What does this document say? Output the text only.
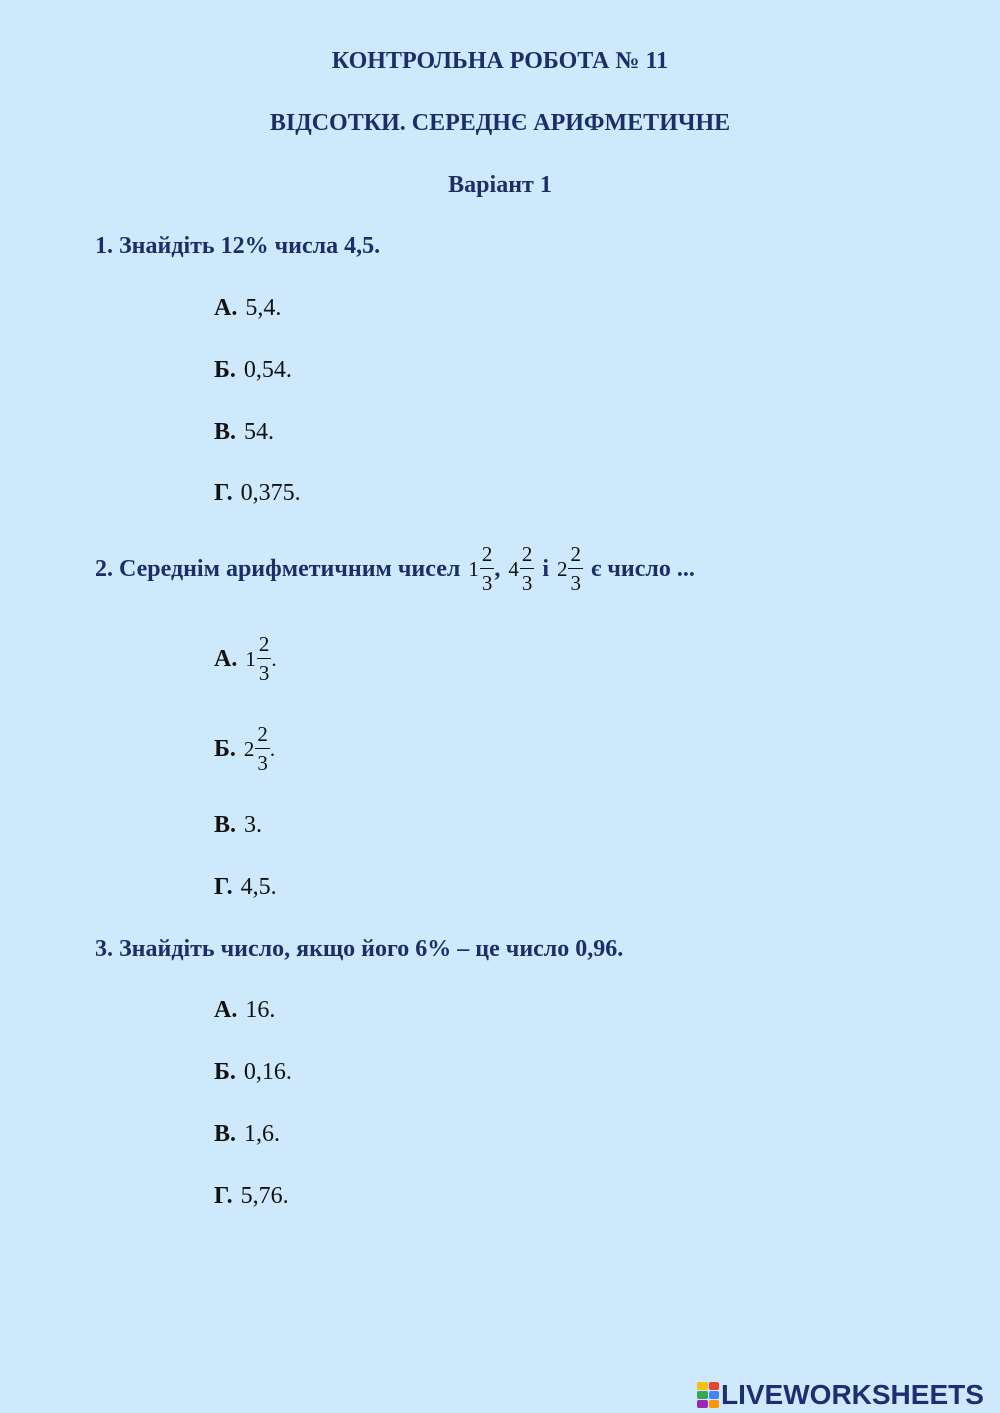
КОНТРОЛЬНА РОБОТА № 11
ВІДСОТКИ. СЕРЕДНЄ АРИФМЕТИЧНЕ
Варіант 1
1. Знайдіть 12% числа 4,5.
А. 5,4.
Б. 0,54.
В. 54.
Г. 0,375.
2. Середнім арифметичним чисел $1 \frac{2}{3}$ , $4 \frac{2}{3}$ і $2 \frac{2}{3}$ є число ...
А. $1 \frac{2}{3}$ .
Б. $2 \frac{2}{3}$ .
В. 3.
Г. 4,5.
3. Знайдіть число, якщо його 6% – це число 0,96.
А. 16.
Б. 0,16.
В. 1,6.
Г. 5,76.
LIVEWORKSHEETS
